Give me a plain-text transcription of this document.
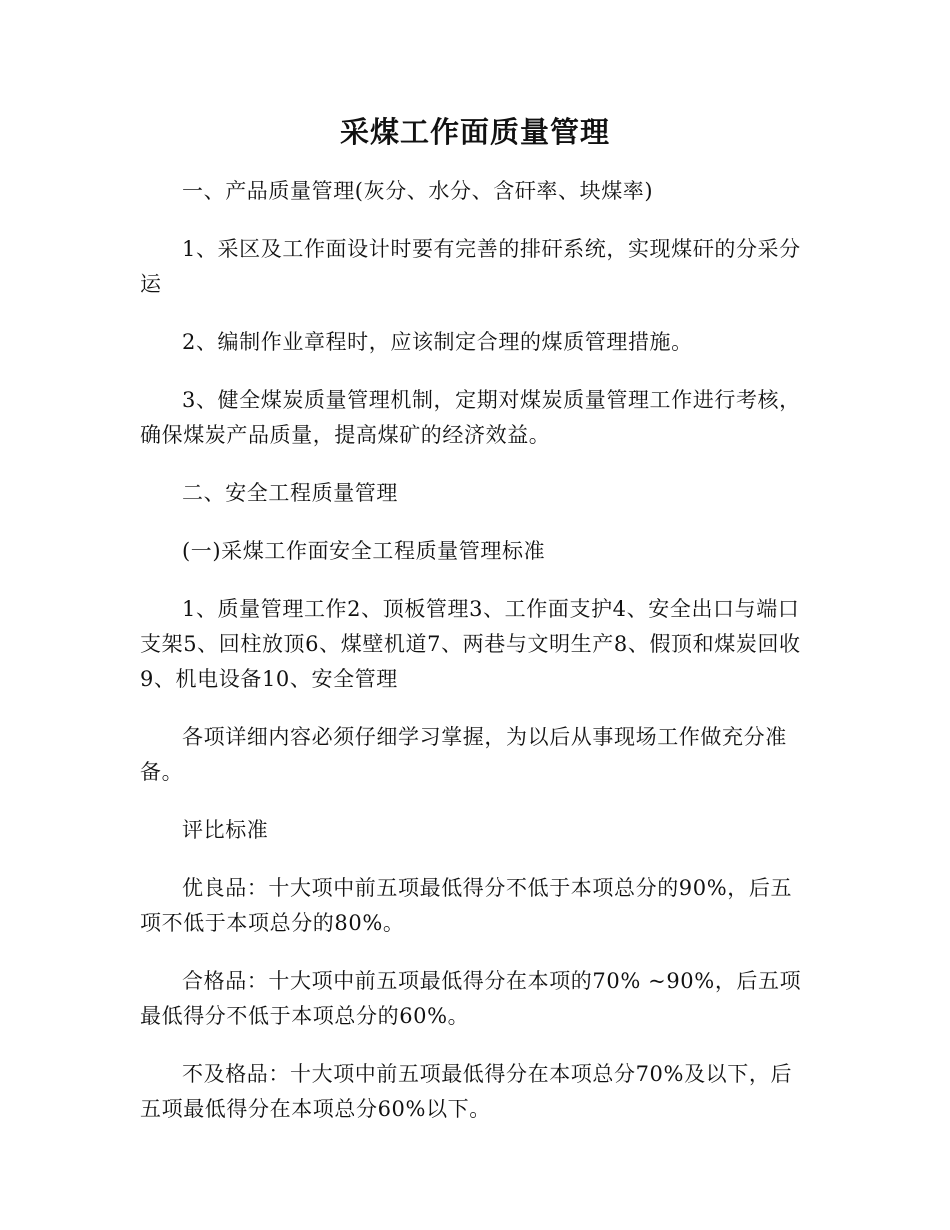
采煤工作面质量管理

一、产品质量管理(灰分、水分、含矸率、块煤率)

1、采区及工作面设计时要有完善的排矸系统，实现煤矸的分采分运

2、编制作业章程时，应该制定合理的煤质管理措施。

3、健全煤炭质量管理机制，定期对煤炭质量管理工作进行考核，确保煤炭产品质量，提高煤矿的经济效益。

二、安全工程质量管理

(一)采煤工作面安全工程质量管理标准

1、质量管理工作2、顶板管理3、工作面支护4、安全出口与端口支架5、回柱放顶6、煤壁机道7、两巷与文明生产8、假顶和煤炭回收9、机电设备10、安全管理

各项详细内容必须仔细学习掌握，为以后从事现场工作做充分准备。

评比标准

优良品：十大项中前五项最低得分不低于本项总分的90%，后五项不低于本项总分的80%。

合格品：十大项中前五项最低得分在本项的70% ~90%，后五项最低得分不低于本项总分的60%。

不及格品：十大项中前五项最低得分在本项总分70%及以下，后五项最低得分在本项总分60%以下。
